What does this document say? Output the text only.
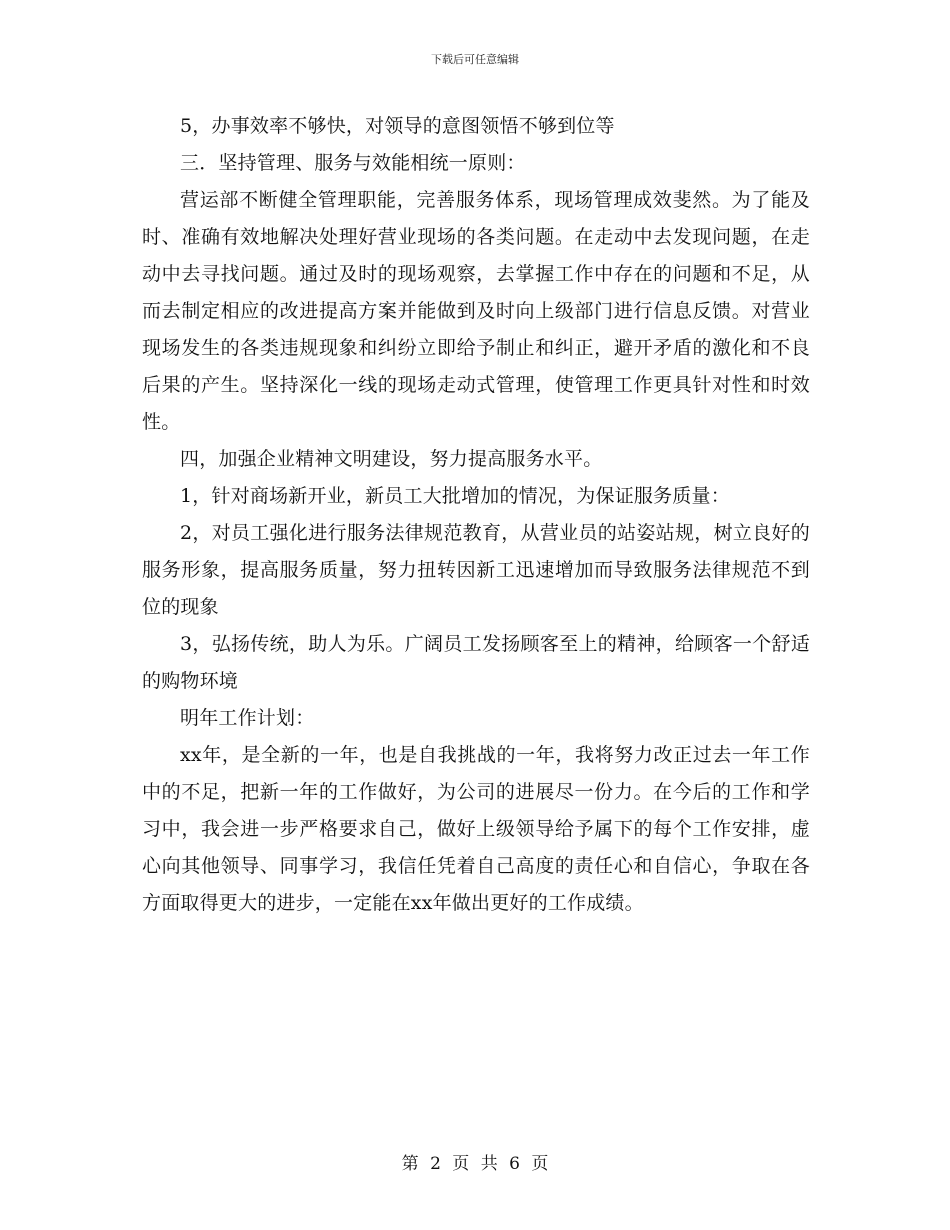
下载后可任意编辑

5，办事效率不够快，对领导的意图领悟不够到位等

三．坚持管理、服务与效能相统一原则：

营运部不断健全管理职能，完善服务体系，现场管理成效斐然。为了能及时、准确有效地解决处理好营业现场的各类问题。在走动中去发现问题，在走动中去寻找问题。通过及时的现场观察，去掌握工作中存在的问题和不足，从而去制定相应的改进提高方案并能做到及时向上级部门进行信息反馈。对营业现场发生的各类违规现象和纠纷立即给予制止和纠正，避开矛盾的激化和不良后果的产生。坚持深化一线的现场走动式管理，使管理工作更具针对性和时效性。

四，加强企业精神文明建设，努力提高服务水平。

1，针对商场新开业，新员工大批增加的情况，为保证服务质量：

2，对员工强化进行服务法律规范教育，从营业员的站姿站规，树立良好的服务形象，提高服务质量，努力扭转因新工迅速增加而导致服务法律规范不到位的现象

3，弘扬传统，助人为乐。广阔员工发扬顾客至上的精神，给顾客一个舒适的购物环境

明年工作计划：

xx年，是全新的一年，也是自我挑战的一年，我将努力改正过去一年工作中的不足，把新一年的工作做好，为公司的进展尽一份力。在今后的工作和学习中，我会进一步严格要求自己，做好上级领导给予属下的每个工作安排，虚心向其他领导、同事学习，我信任凭着自己高度的责任心和自信心，争取在各方面取得更大的进步，一定能在xx年做出更好的工作成绩。

第 2 页 共 6 页
